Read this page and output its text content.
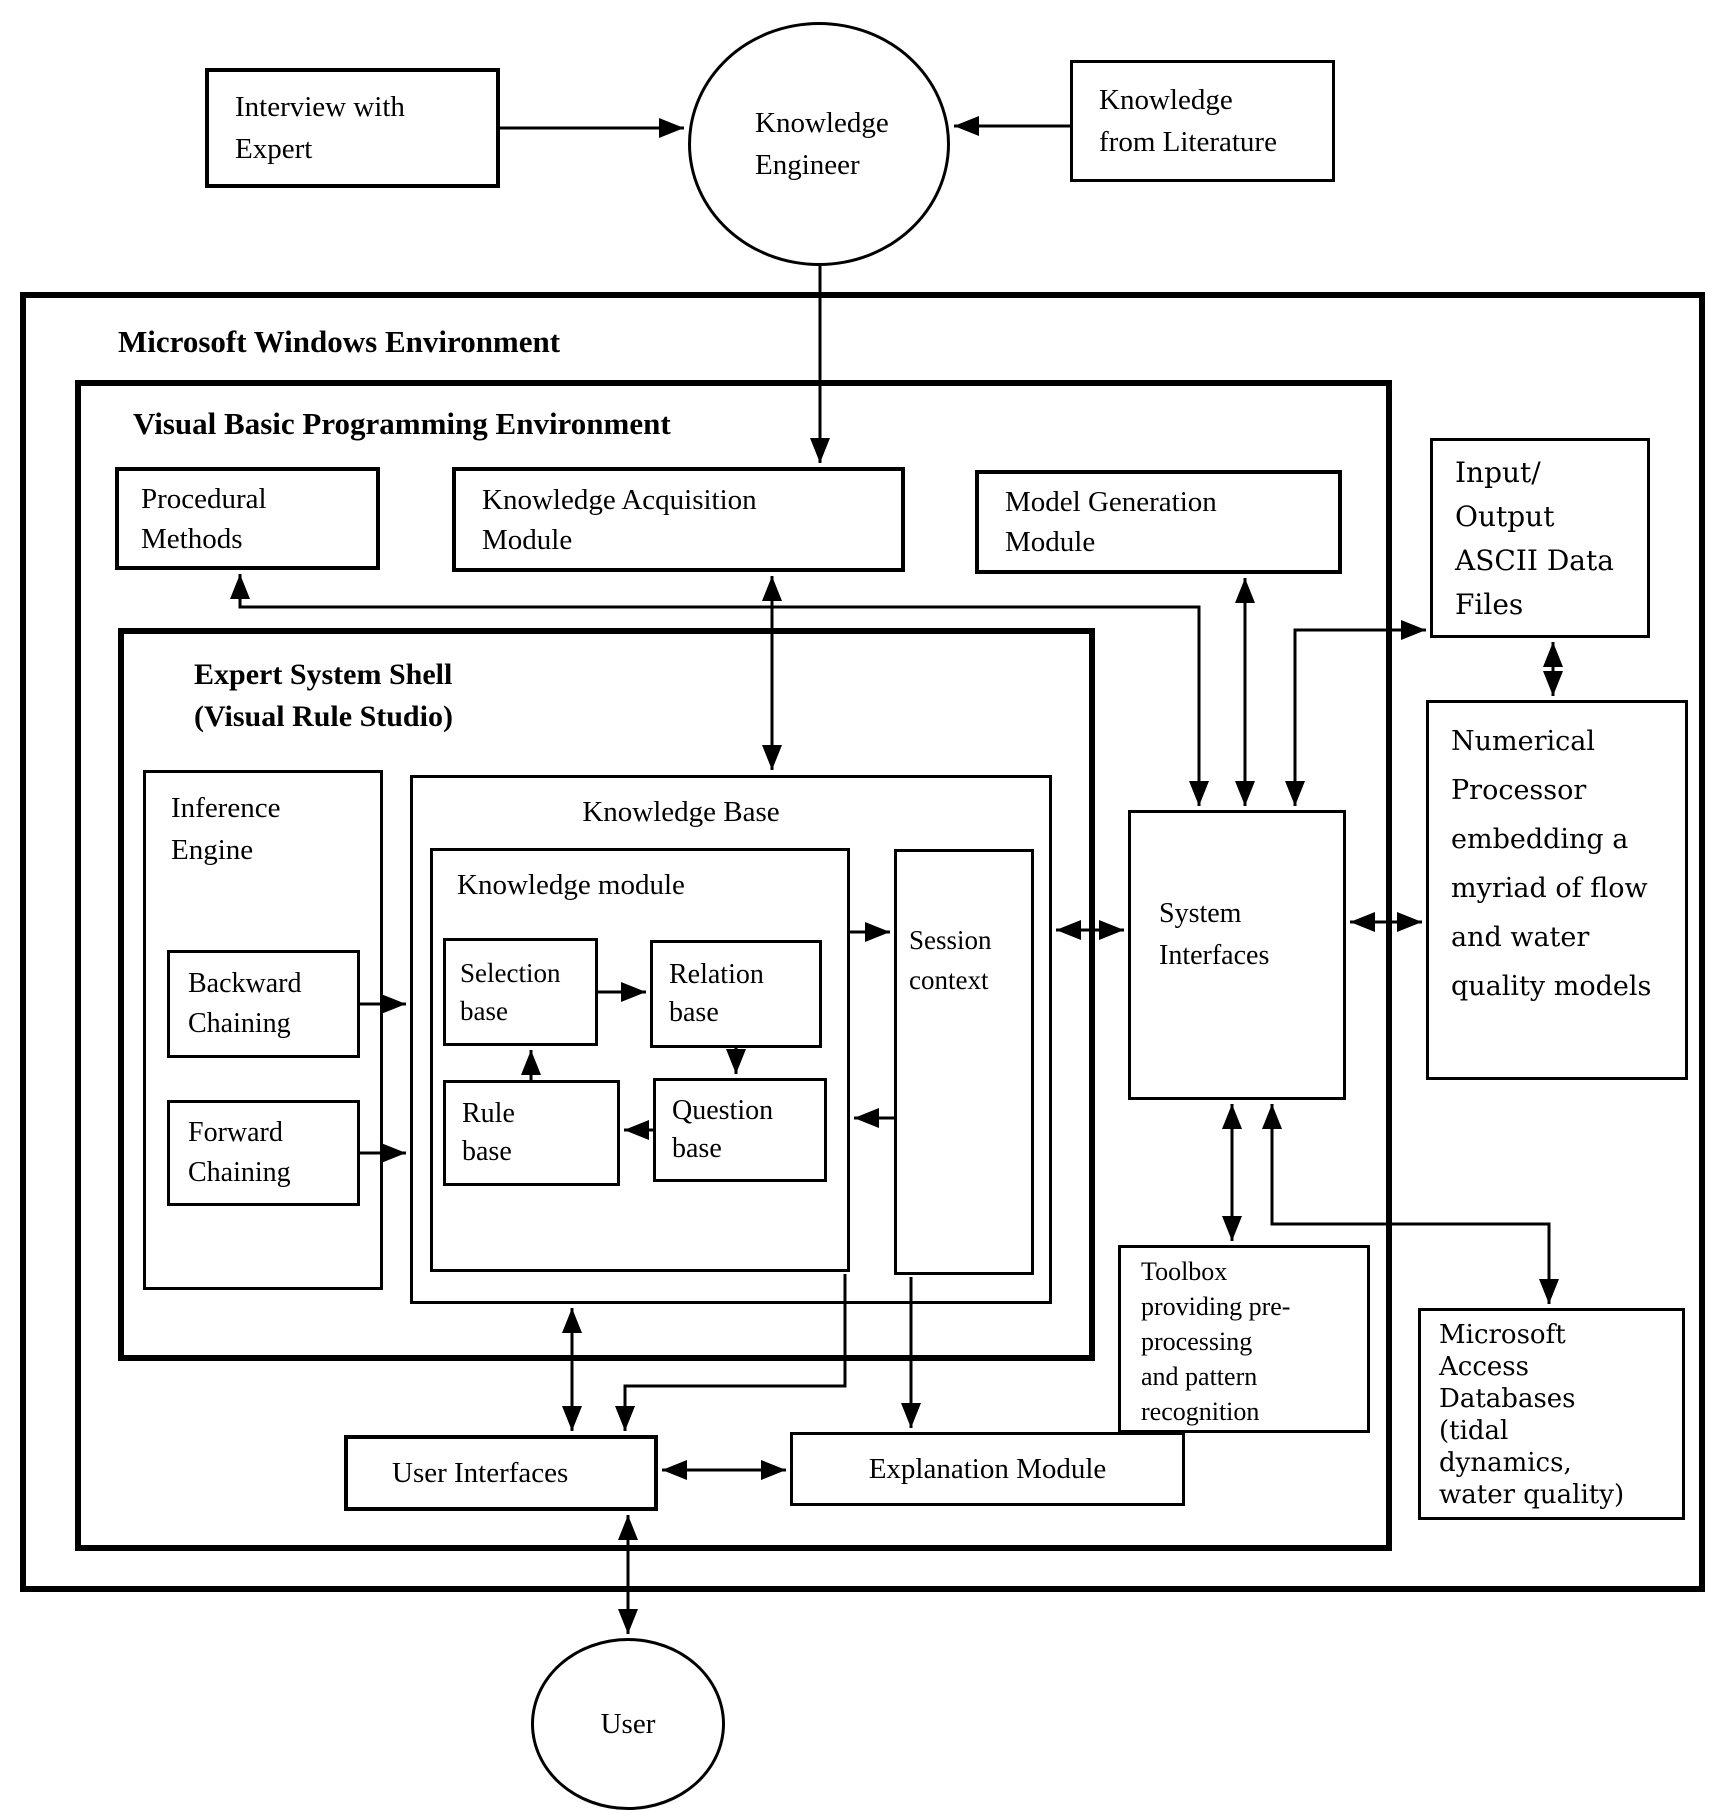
Interview with
Expert
Knowledge
Engineer
Knowledge
from Literature
Microsoft Windows Environment
Visual Basic Programming Environment
Procedural
Methods
Knowledge Acquisition
Module
Model Generation
Module
Input/
Output
ASCII Data
Files
Expert System Shell
(Visual Rule Studio)
Inference
Engine
Backward
Chaining
Forward
Chaining
Knowledge Base
Knowledge module
Selection
base
Relation
base
Rule
base
Question
base
Session
context
System
Interfaces
Numerical
Processor
embedding a
myriad of flow
and water
quality models
Toolbox
providing pre-
processing
and pattern
recognition
Microsoft
Access
Databases
(tidal
dynamics,
water quality)
User Interfaces	Explanation Module
User
